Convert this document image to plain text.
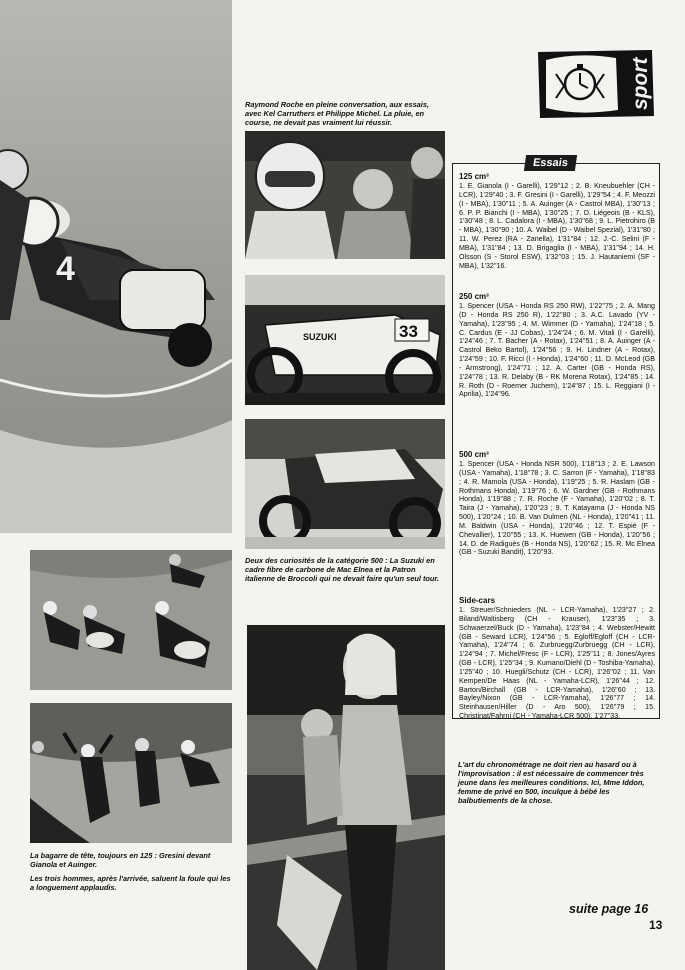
4
SUZUKI	33

Raymond Roche en pleine conversation, aux essais, avec Kel Carruthers et Philippe Michel. La pluie, en course, ne devait pas vraiment lui réussir.

Deux des curiosités de la catégorie 500 : La Suzuki en cadre fibre de carbone de Mac Elnea et la Patron italienne de Broccoli qui ne devait faire qu'un seul tour.

La bagarre de tête, toujours en 125 : Gresini devant Gianola et Auinger.

Les trois hommes, après l'arrivée, saluent la foule qui les a longuement applaudis.

L'art du chronométrage ne doit rien au hasard ou à l'improvisation : il est nécessaire de commencer très jeune dans les meilleures conditions. Ici, Mme Iddon, femme de privé en 500, inculque à bébé les balbutiements de la chose.

sport
Essais

125 cm³

1. E. Gianola (I - Garelli), 1'29''12 ; 2. B. Kneubuehler (CH - LCR), 1'29''40 ; 3. F. Gresini (I - Garelli), 1'29''54 ; 4. F. Meozzi (I - MBA), 1'30''11 ; 5. A. Auinger (A - Castrol MBA), 1'30''13 ; 6. P. P. Bianchi (I - MBA), 1'30''25 ; 7. D. Liégeois (B - KLS), 1'30''48 ; 8. L. Cadalora (I - MBA), 1'30''68 ; 9. L. Pietrohiro (B - MBA), 1'30''90 ; 10. A. Waibel (D - Waibel Spezial), 1'31''80 ; 11. W. Perez (RA - Zanella), 1'31''84 ; 12. J.-C. Selini (F - MBA), 1'31''84 ; 13. D. Brigaglia (I - MBA), 1'31''94 ; 14. H. Olsson (S - Storol ESW), 1'32''03 ; 15. J. Hautaniemi (SF - MBA), 1'32''16.

250 cm³

1. Spencer (USA - Honda RS 250 RW), 1'22''75 ; 2. A. Mang (D - Honda RS 250 R), 1'22''80 ; 3. A.C. Lavado (YV - Yamaha), 1'23''95 ; 4. M. Wimmer (D - Yamaha), 1'24''18 ; 5. C. Cardus (E - JJ Cobas), 1'24''24 ; 6. M. Vitali (I - Garelli), 1'24''46 ; 7. T. Bacher (A - Rotax), 1'24''51 ; 8. A. Auinger (A - Castrol Beko Bartol), 1'24''56 ; 9. H. Lindner (A - Rotax), 1'24''59 ; 10. F. Ricci (I - Honda), 1'24''60 ; 11. D. McLeod (GB - Armstrong), 1'24''71 ; 12. A. Carter (GB - Honda RS), 1'24''78 ; 13. R. Delaby (B - RK Morena Rotax), 1'24''85 ; 14. R. Roth (D - Roemer Juchem), 1'24''87 ; 15. L. Reggiani (I - Aprilia), 1'24''96.

500 cm³

1. Spencer (USA - Honda NSR 500), 1'18''13 ; 2. E. Lawson (USA - Yamaha), 1'18''78 ; 3. C. Sarron (F - Yamaha), 1'18''83 ; 4. R. Mamola (USA - Honda), 1'19''25 ; 5. R. Haslam (GB - Rothmans Honda), 1'19''76 ; 6. W. Gardner (GB - Rothmans Honda), 1'19''88 ; 7. R. Roche (F - Yamaha), 1'20''02 ; 8. T. Taira (J - Yamaha), 1'20''23 ; 9. T. Katayama (J - Honda NS 500), 1'20''24 ; 10. B. Van Dulmen (NL - Honda), 1'20''41 ; 11. M. Baldwin (USA - Honda), 1'20''46 ; 12. T. Espié (F - Chevallier), 1'20''55 ; 13. K. Huewen (GB - Honda), 1'20''56 ; 14. D. de Radiguès (B - Honda NS), 1'20''62 ; 15. R. Mc Elnea (GB - Suzuki Bandit), 1'20''93.

Side-cars

1. Streuer/Schnieders (NL - LCR-Yamaha), 1'23''27 ; 2. Biland/Waltisberg (CH - Krauser), 1'23''35 ; 3. Schwaerzel/Buck (D - Yamaha), 1'23''84 ; 4. Webster/Hewitt (GB - Seward LCR), 1'24''56 ; 5. Egloff/Egloff (CH - LCR-Yamaha), 1'24''74 ; 6. Zurbruegg/Zurbruegg (CH - LCR), 1'24''94 ; 7. Michel/Fresc (F - LCR), 1'25''11 ; 8. Jones/Ayres (GB - LCR), 1'25''34 ; 9. Kumano/Diehl (D - Toshiba-Yamaha), 1'25''40 ; 10. Huegli/Schutz (CH - LCR), 1'26''02 ; 11. Van Kempen/De Haas (NL - Yamaha-LCR), 1'26''44 ; 12. Barton/Birchall (GB - LCR-Yamaha), 1'26''60 ; 13. Bayley/Nixon (GB - LCR-Yamaha), 1'26''77 ; 14. Steinhausen/Hiller (D - Aro 500), 1'26''79 ; 15. Christinat/Fahrni (CH - Yamaha-LCR 500), 1'27''33.

suite page 16
13
